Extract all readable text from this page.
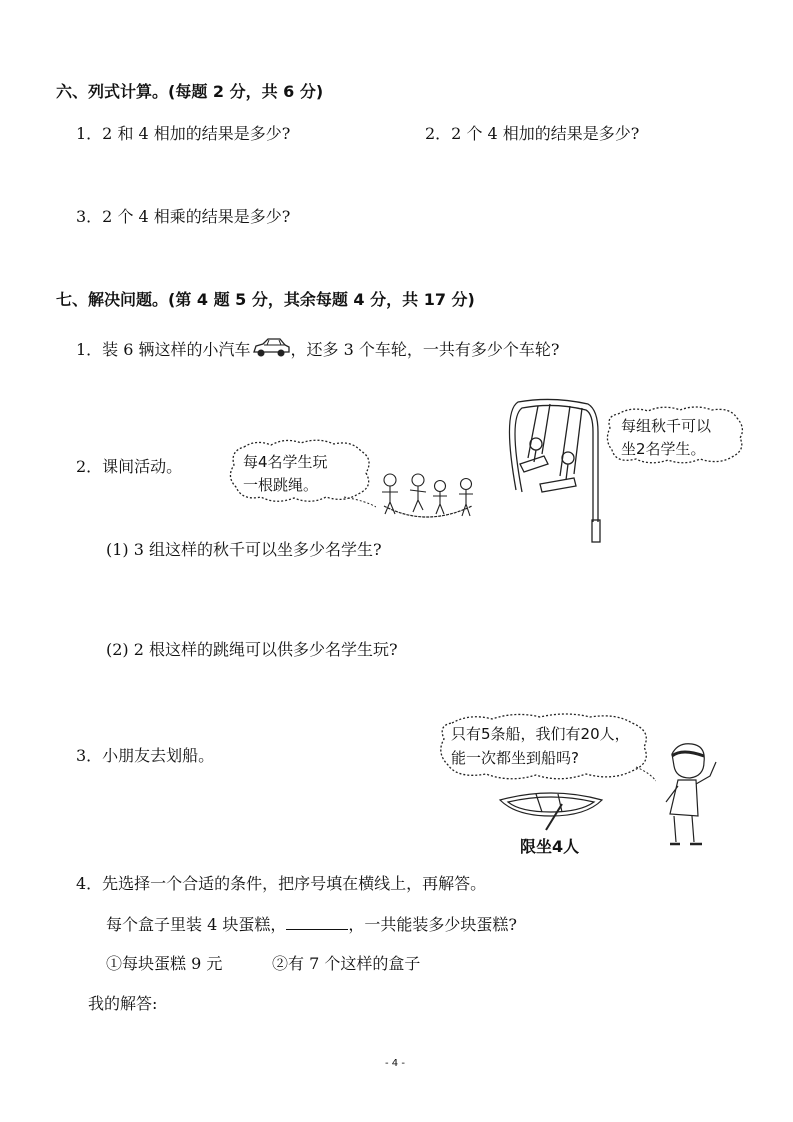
六、列式计算。(每题 2 分，共 6 分)
1．2 和 4 相加的结果是多少?	2．2 个 4 相加的结果是多少?
3．2 个 4 相乘的结果是多少?
七、解决问题。(第 4 题 5 分，其余每题 4 分，共 17 分)
1．装 6 辆这样的小汽车	，还多 3 个车轮，一共有多少个车轮?
2．课间活动。	每4名学生玩
一根跳绳。
每组秋千可以
坐2名学生。
(1) 3 组这样的秋千可以坐多少名学生?
(2) 2 根这样的跳绳可以供多少名学生玩?
3．小朋友去划船。
只有5条船，我们有20人，
能一次都坐到船吗?
限坐4人
4．先选择一个合适的条件，把序号填在横线上，再解答。
每个盒子里装 4 块蛋糕，	，一共能装多少块蛋糕?
①每块蛋糕 9 元	②有 7 个这样的盒子
我的解答:
- 4 -
